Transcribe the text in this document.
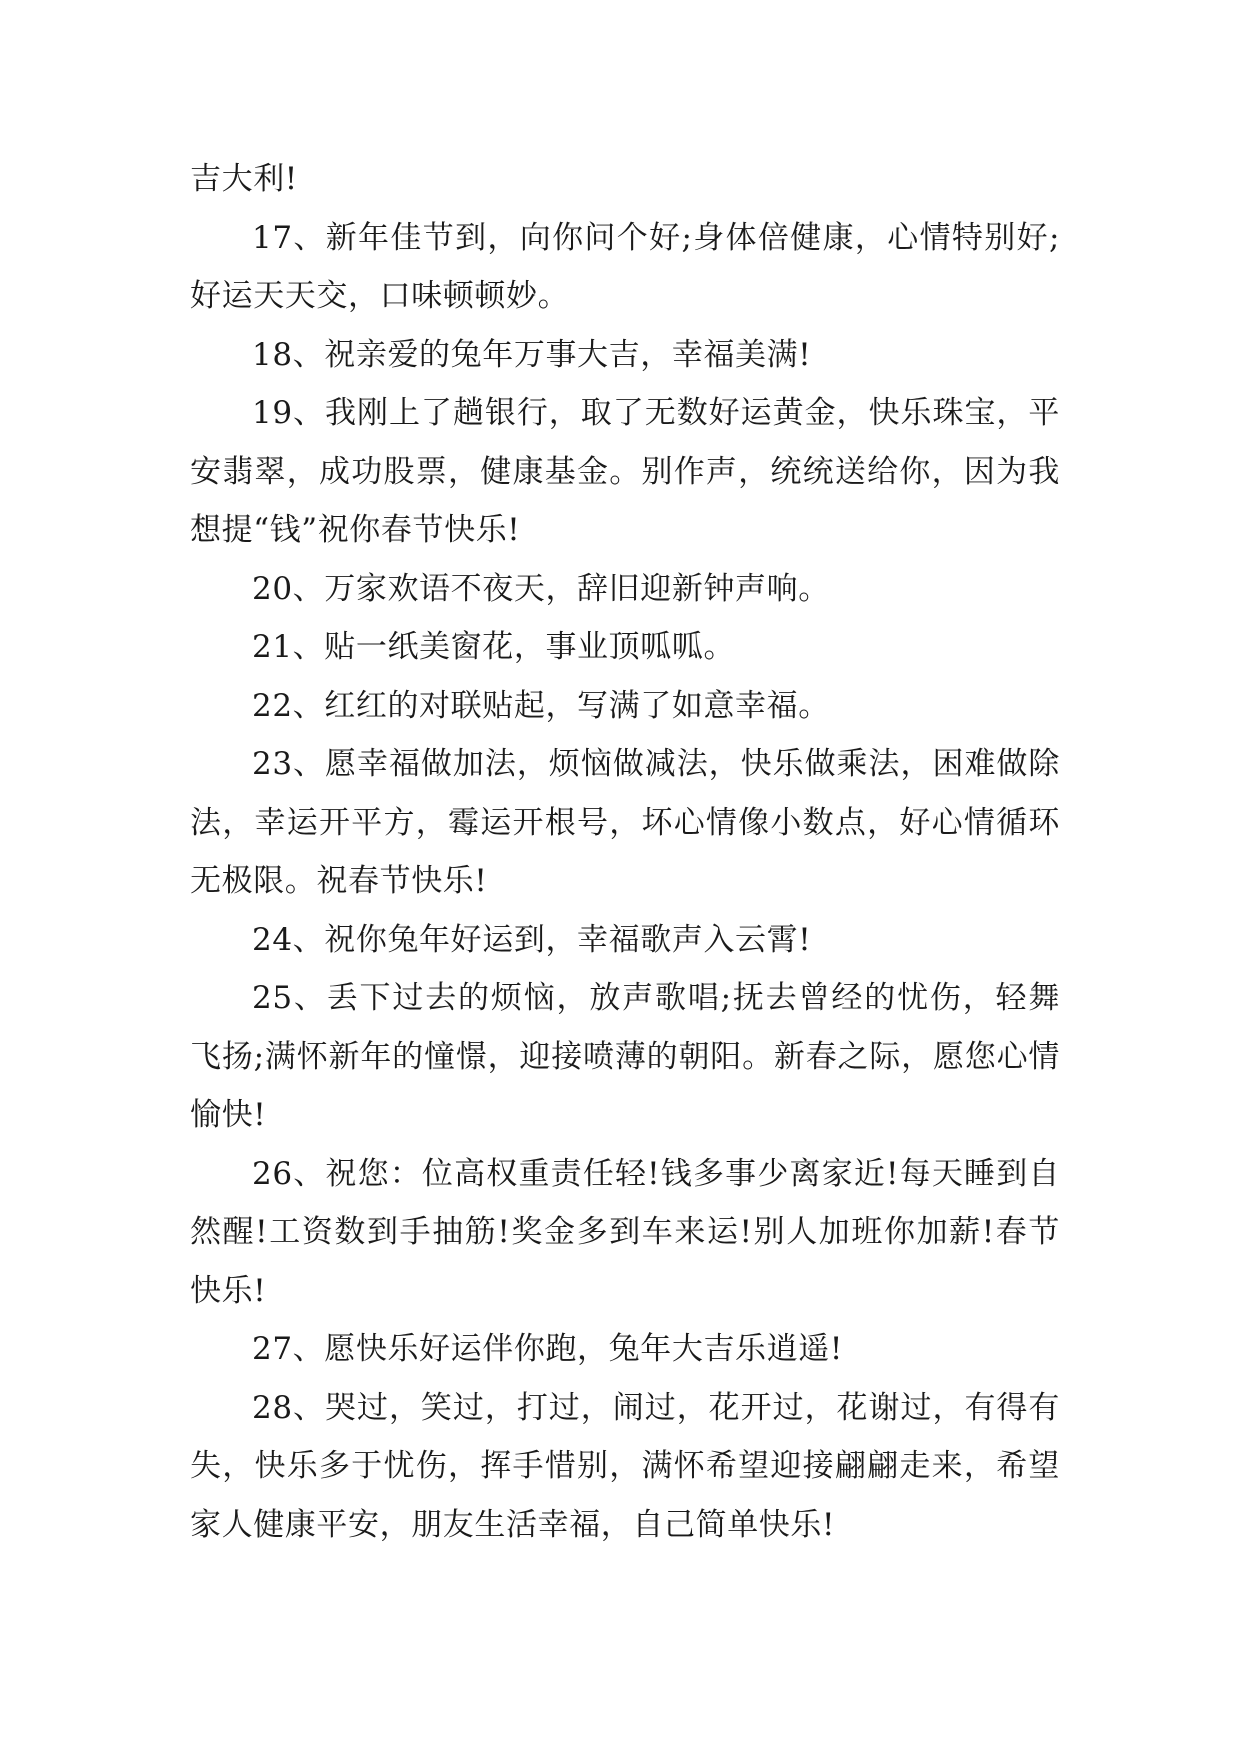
吉大利!

17、新年佳节到，向你问个好;身体倍健康，心情特别好;好运天天交，口味顿顿妙。

18、祝亲爱的兔年万事大吉，幸福美满!

19、我刚上了趟银行，取了无数好运黄金，快乐珠宝，平安翡翠，成功股票，健康基金。别作声，统统送给你，因为我想提“钱”祝你春节快乐!

20、万家欢语不夜天，辞旧迎新钟声响。

21、贴一纸美窗花，事业顶呱呱。

22、红红的对联贴起，写满了如意幸福。

23、愿幸福做加法，烦恼做减法，快乐做乘法，困难做除法，幸运开平方，霉运开根号，坏心情像小数点，好心情循环无极限。祝春节快乐!

24、祝你兔年好运到，幸福歌声入云霄!

25、丢下过去的烦恼，放声歌唱;抚去曾经的忧伤，轻舞飞扬;满怀新年的憧憬，迎接喷薄的朝阳。新春之际，愿您心情愉快!

26、祝您：位高权重责任轻!钱多事少离家近!每天睡到自然醒!工资数到手抽筋!奖金多到车来运!别人加班你加薪!春节快乐!

27、愿快乐好运伴你跑，兔年大吉乐逍遥!

28、哭过，笑过，打过，闹过，花开过，花谢过，有得有失，快乐多于忧伤，挥手惜别，满怀希望迎接翩翩走来，希望家人健康平安，朋友生活幸福，自己简单快乐!
